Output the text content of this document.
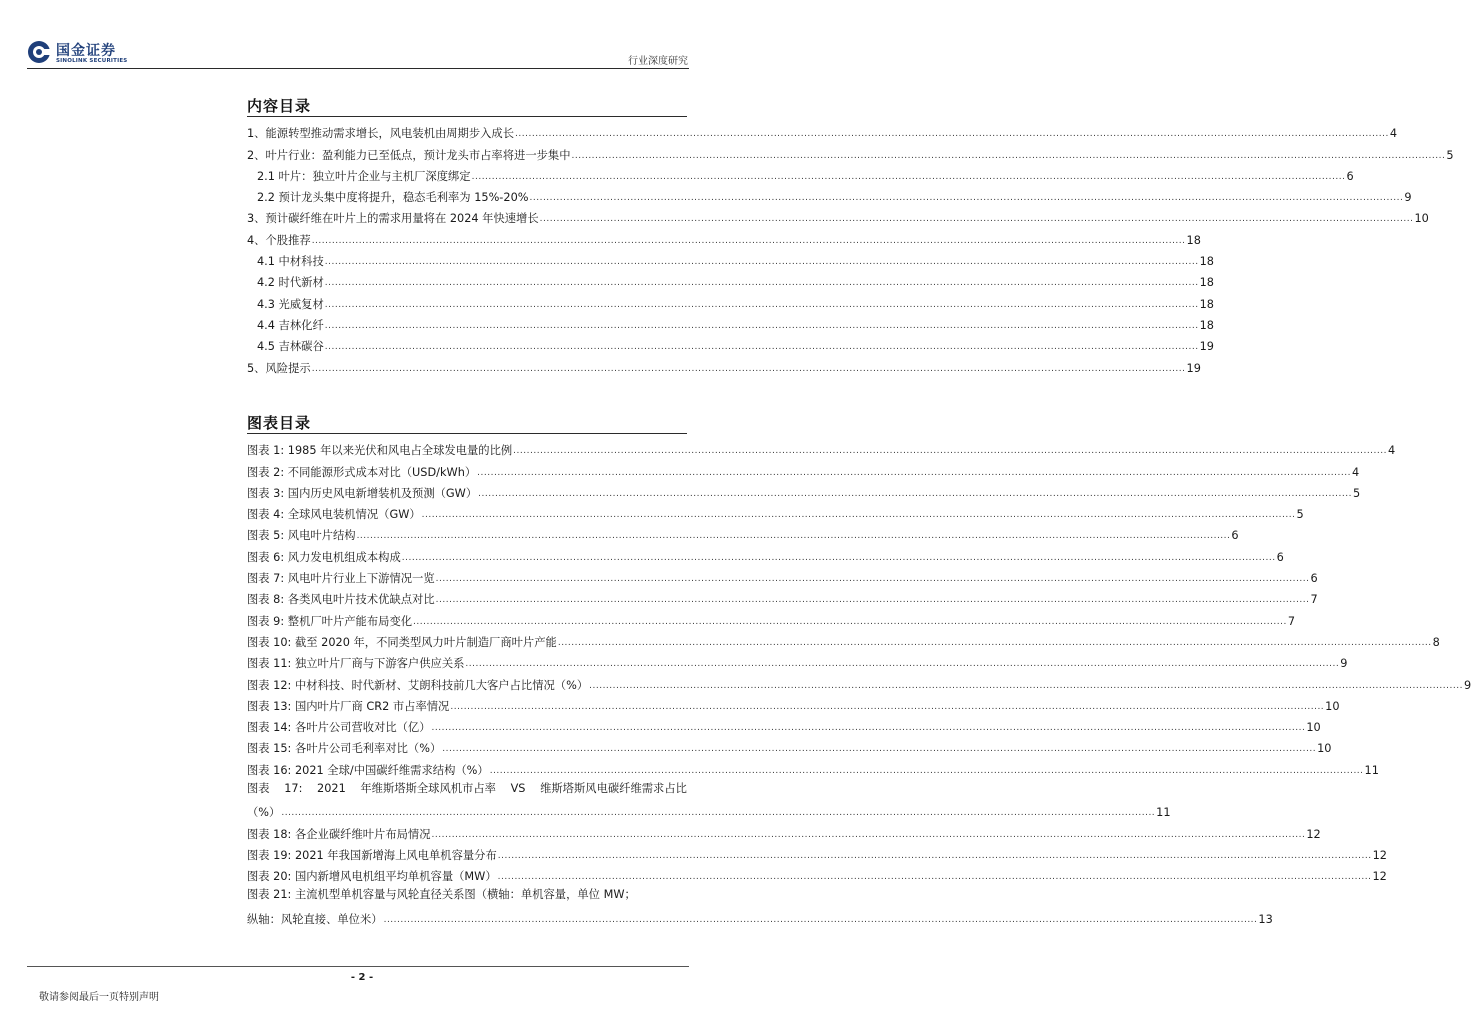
国金证券
SINOLINK SECURITIES	行业深度研究
内容目录
1、能源转型推动需求增长，风电装机由周期步入成长 .................................................................................................................................................................................................................................................................... 4
2、叶片行业：盈利能力已至低点，预计龙头市占率将进一步集中 .................................................................................................................................................................................................................................................................... 5
2.1 叶片：独立叶片企业与主机厂深度绑定 .................................................................................................................................................................................................................................................................... 6
2.2 预计龙头集中度将提升，稳态毛利率为 15%-20% .................................................................................................................................................................................................................................................................... 9
3、预计碳纤维在叶片上的需求用量将在 2024 年快速增长 .................................................................................................................................................................................................................................................................... 10
4、个股推荐 .................................................................................................................................................................................................................................................................... 18
4.1 中材科技 .................................................................................................................................................................................................................................................................... 18
4.2 时代新材 .................................................................................................................................................................................................................................................................... 18
4.3 光威复材 .................................................................................................................................................................................................................................................................... 18
4.4 吉林化纤 .................................................................................................................................................................................................................................................................... 18
4.5 吉林碳谷 .................................................................................................................................................................................................................................................................... 19
5、风险提示 .................................................................................................................................................................................................................................................................... 19
图表目录
图表 1: 1985 年以来光伏和风电占全球发电量的比例 .................................................................................................................................................................................................................................................................... 4
图表 2: 不同能源形式成本对比（USD/kWh） .................................................................................................................................................................................................................................................................... 4
图表 3: 国内历史风电新增装机及预测（GW） .................................................................................................................................................................................................................................................................... 5
图表 4: 全球风电装机情况（GW） .................................................................................................................................................................................................................................................................... 5
图表 5: 风电叶片结构 .................................................................................................................................................................................................................................................................... 6
图表 6: 风力发电机组成本构成 .................................................................................................................................................................................................................................................................... 6
图表 7: 风电叶片行业上下游情况一览 .................................................................................................................................................................................................................................................................... 6
图表 8: 各类风电叶片技术优缺点对比 .................................................................................................................................................................................................................................................................... 7
图表 9: 整机厂叶片产能布局变化 .................................................................................................................................................................................................................................................................... 7
图表 10: 截至 2020 年，不同类型风力叶片制造厂商叶片产能 .................................................................................................................................................................................................................................................................... 8
图表 11: 独立叶片厂商与下游客户供应关系 .................................................................................................................................................................................................................................................................... 9
图表 12: 中材科技、时代新材、艾朗科技前几大客户占比情况（%） .................................................................................................................................................................................................................................................................... 9
图表 13: 国内叶片厂商 CR2 市占率情况 .................................................................................................................................................................................................................................................................... 10
图表 14: 各叶片公司营收对比（亿） .................................................................................................................................................................................................................................................................... 10
图表 15: 各叶片公司毛利率对比（%） .................................................................................................................................................................................................................................................................... 10
图表 16: 2021 全球/中国碳纤维需求结构（%） .................................................................................................................................................................................................................................................................... 11
图表 17: 2021 年维斯塔斯全球风机市占率 VS 维斯塔斯风电碳纤维需求占比
（%） .................................................................................................................................................................................................................................................................... 11
图表 18: 各企业碳纤维叶片布局情况 .................................................................................................................................................................................................................................................................... 12
图表 19: 2021 年我国新增海上风电单机容量分布 .................................................................................................................................................................................................................................................................... 12
图表 20: 国内新增风电机组平均单机容量（MW） .................................................................................................................................................................................................................................................................... 12
图表 21: 主流机型单机容量与风轮直径关系图（横轴：单机容量，单位 MW；
纵轴：风轮直接、单位米） .................................................................................................................................................................................................................................................................... 13
- 2 -
敬请参阅最后一页特别声明
